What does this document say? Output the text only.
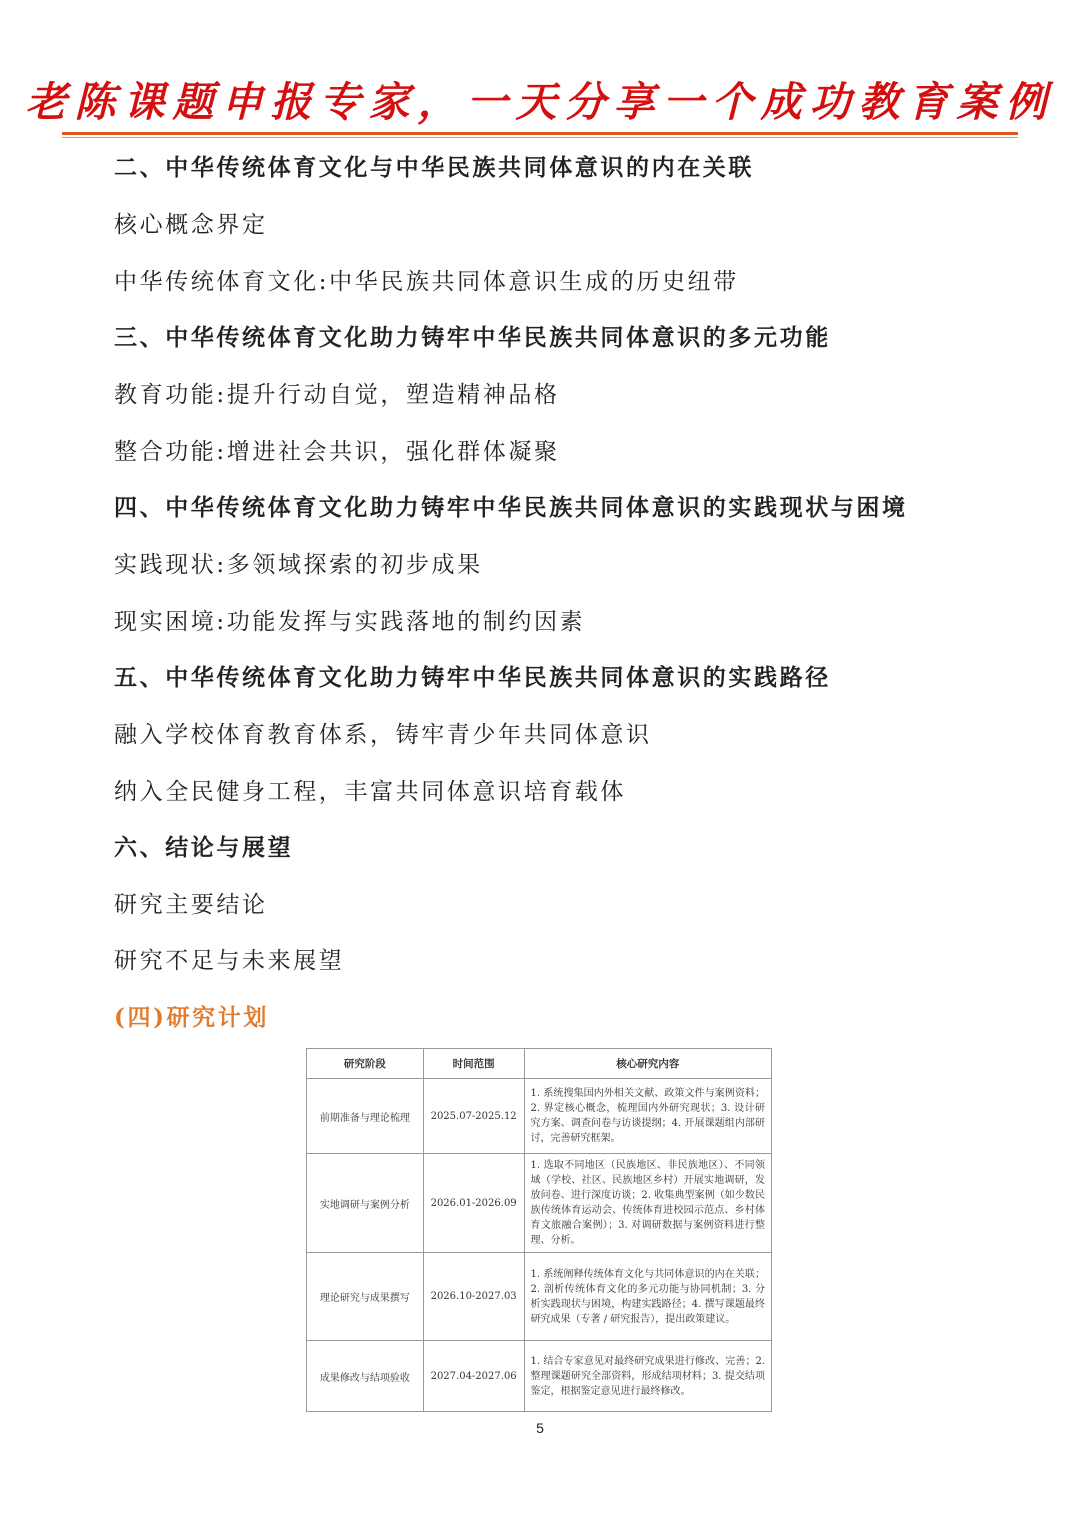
老陈课题申报专家，一天分享一个成功教育案例
二、中华传统体育文化与中华民族共同体意识的内在关联
核心概念界定
中华传统体育文化:中华民族共同体意识生成的历史纽带
三、中华传统体育文化助力铸牢中华民族共同体意识的多元功能
教育功能:提升行动自觉，塑造精神品格
整合功能:增进社会共识，强化群体凝聚
四、中华传统体育文化助力铸牢中华民族共同体意识的实践现状与困境
实践现状:多领域探索的初步成果
现实困境:功能发挥与实践落地的制约因素
五、中华传统体育文化助力铸牢中华民族共同体意识的实践路径
融入学校体育教育体系，铸牢青少年共同体意识
纳入全民健身工程，丰富共同体意识培育载体
六、结论与展望
研究主要结论
研究不足与未来展望
(四)研究计划
研究阶段	时间范围	核心研究内容
前期准备与理论梳理	2025.07-2025.12	1. 系统搜集国内外相关文献、政策文件与案例资料；2. 界定核心概念，梳理国内外研究现状；3. 设计研究方案、调查问卷与访谈提纲；4. 开展课题组内部研讨，完善研究框架。
实地调研与案例分析	2026.01-2026.09	1. 选取不同地区（民族地区、非民族地区）、不同领域（学校、社区、民族地区乡村）开展实地调研，发放问卷、进行深度访谈；2. 收集典型案例（如少数民族传统体育运动会、传统体育进校园示范点、乡村体育文旅融合案例）；3. 对调研数据与案例资料进行整理、分析。
理论研究与成果撰写	2026.10-2027.03	1. 系统阐释传统体育文化与共同体意识的内在关联；2. 剖析传统体育文化的多元功能与协同机制；3. 分析实践现状与困境，构建实践路径；4. 撰写课题最终研究成果（专著 / 研究报告），提出政策建议。
成果修改与结项验收	2027.04-2027.06	1. 结合专家意见对最终研究成果进行修改、完善；2. 整理课题研究全部资料，形成结项材料；3. 提交结项鉴定，根据鉴定意见进行最终修改。
5
